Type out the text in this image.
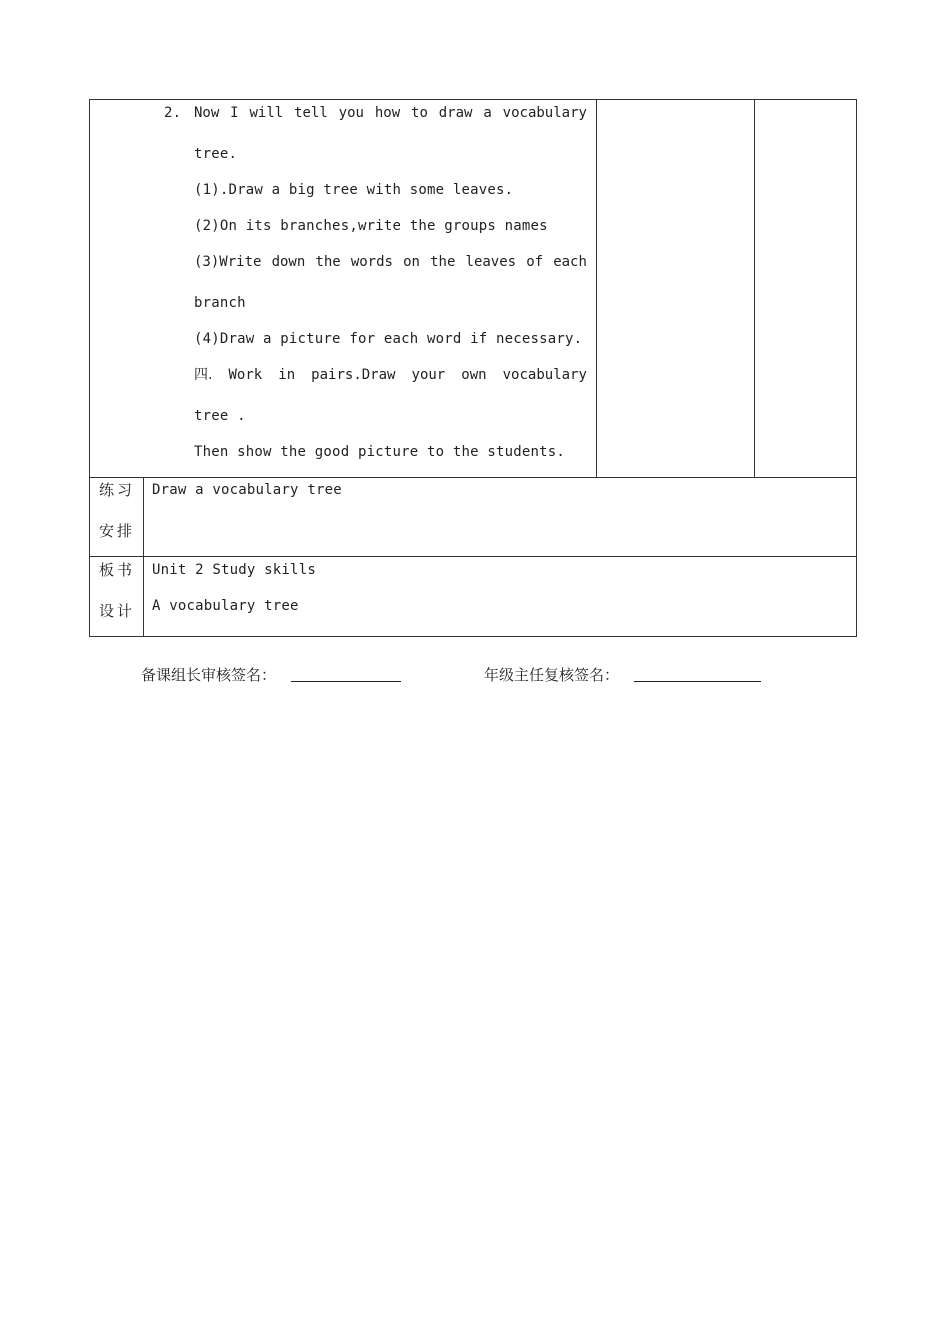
2. Now I will tell you how to draw a vocabulary
tree.
(1).Draw a big tree with some leaves.
(2)On its branches,write the groups names
(3)Write down the words on the leaves of each
branch
(4)Draw a picture for each word if necessary.
四. Work in pairs.Draw your own vocabulary
tree .
Then show the good picture to the students.
练习
安排
Draw a vocabulary tree
板书
设计
Unit 2 Study skills
A vocabulary tree
备课组长审核签名：	年级主任复核签名：
